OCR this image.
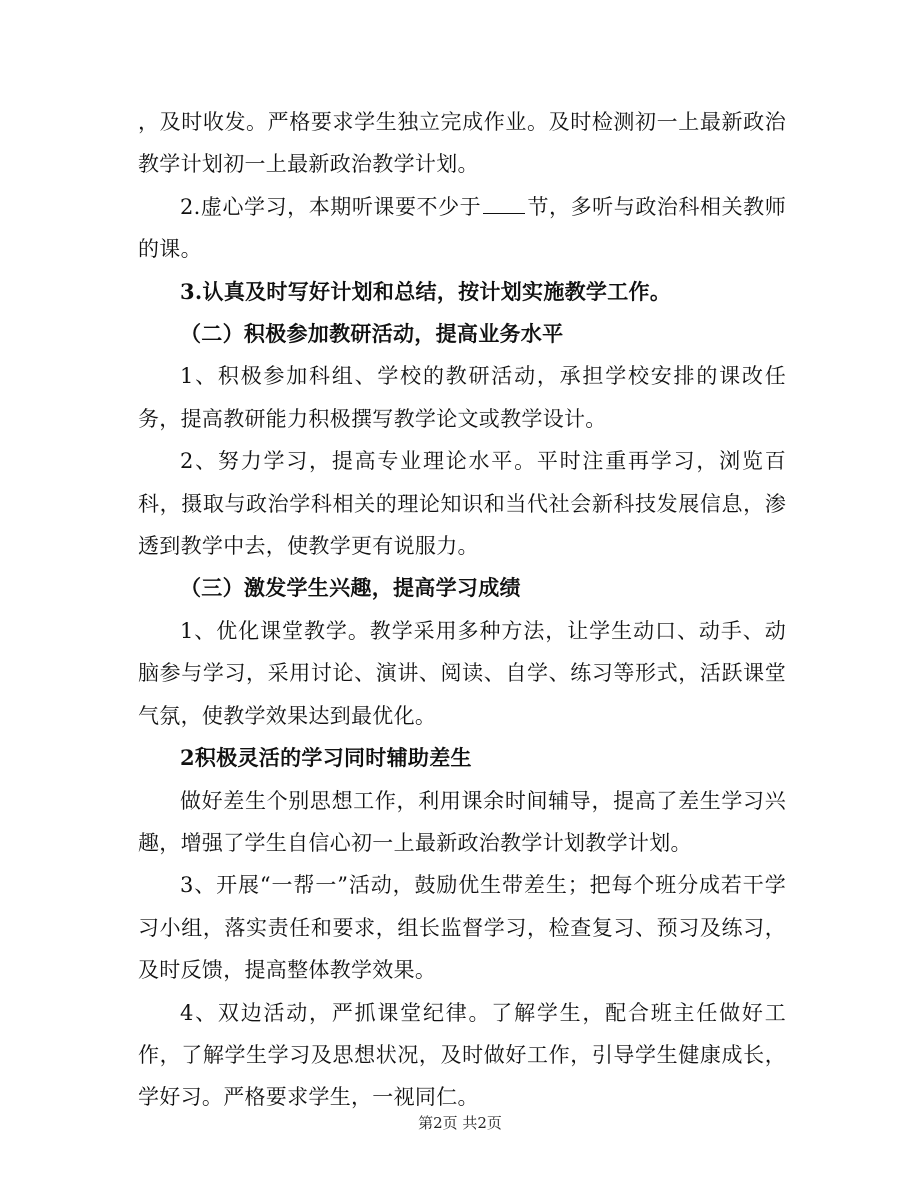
，及时收发。严格要求学生独立完成作业。及时检测初一上最新政治教学计划初一上最新政治教学计划。

2.虚心学习，本期听课要不少于 节，多听与政治科相关教师的课。

3.认真及时写好计划和总结，按计划实施教学工作。

（二）积极参加教研活动，提高业务水平

1、积极参加科组、学校的教研活动，承担学校安排的课改任务，提高教研能力积极撰写教学论文或教学设计。

2、努力学习，提高专业理论水平。平时注重再学习，浏览百科，摄取与政治学科相关的理论知识和当代社会新科技发展信息，渗透到教学中去，使教学更有说服力。

（三）激发学生兴趣，提高学习成绩

1、优化课堂教学。教学采用多种方法，让学生动口、动手、动脑参与学习，采用讨论、演讲、阅读、自学、练习等形式，活跃课堂气氛，使教学效果达到最优化。

2积极灵活的学习同时辅助差生

做好差生个别思想工作，利用课余时间辅导，提高了差生学习兴趣，增强了学生自信心初一上最新政治教学计划教学计划。

3、开展“一帮一”活动，鼓励优生带差生；把每个班分成若干学习小组，落实责任和要求，组长监督学习，检查复习、预习及练习，及时反馈，提高整体教学效果。

4、双边活动，严抓课堂纪律。了解学生，配合班主任做好工作，了解学生学习及思想状况，及时做好工作，引导学生健康成长，学好习。严格要求学生，一视同仁。

第2页 共2页
